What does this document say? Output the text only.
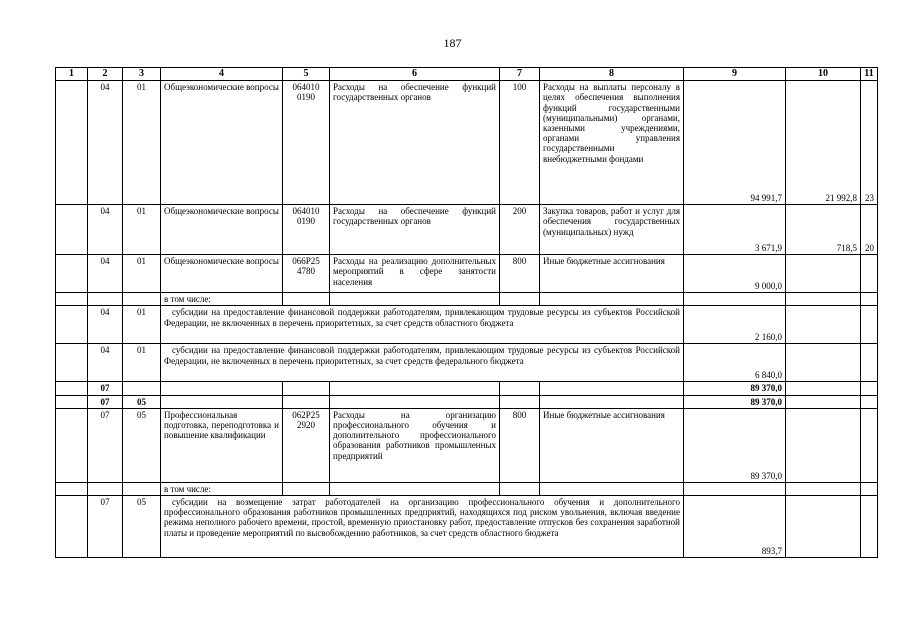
187
1	2	3	4	5	6	7	8	9	10	11
	04	01	Общеэкономические вопросы	064010 0190	Расходы на обеспечение функций государственных органов	100	Расходы на выплаты персоналу в целях обеспечения выполнения функций государственными (муниципальными) органами, казенными учреждениями, органами управления государственными внебюджетными фондами	94 991,7	21 992,8	23
	04	01	Общеэкономические вопросы	064010 0190	Расходы на обеспечение функций государственных органов	200	Закупка товаров, работ и услуг для обеспечения государственных (муниципальных) нужд	3 671,9	718,5	20
	04	01	Общеэкономические вопросы	066P25 4780	Расходы на реализацию дополнительных мероприятий в сфере занятости населения	800	Иные бюджетные ассигнования	9 000,0		
			в том числе:							
	04	01	субсидии на предоставление финансовой поддержки работодателям, привлекающим трудовые ресурсы из субъектов Российской Федерации, не включенных в перечень приоритетных, за счет средств областного бюджета					2 160,0		
	04	01	субсидии на предоставление финансовой поддержки работодателям, привлекающим трудовые ресурсы из субъектов Российской Федерации, не включенных в перечень приоритетных, за счет средств федерального бюджета					6 840,0		
	07							89 370,0		
	07	05						89 370,0		
	07	05	Профессиональная подготовка, переподготовка и повышение квалификации	062P25 2920	Расходы на организацию профессионального обучения и дополнительного профессионального образования работников промышленных предприятий	800	Иные бюджетные ассигнования	89 370,0		
			в том числе:							
	07	05	субсидии на возмещение затрат работодателей на организацию профессионального обучения и дополнительного профессионального образования работников промышленных предприятий, находящихся под риском увольнения, включая введение режима неполного рабочего времени, простой, временную приостановку работ, предоставление отпусков без сохранения заработной платы и проведение мероприятий по высвобождению работников, за счет средств областного бюджета					893,7		
